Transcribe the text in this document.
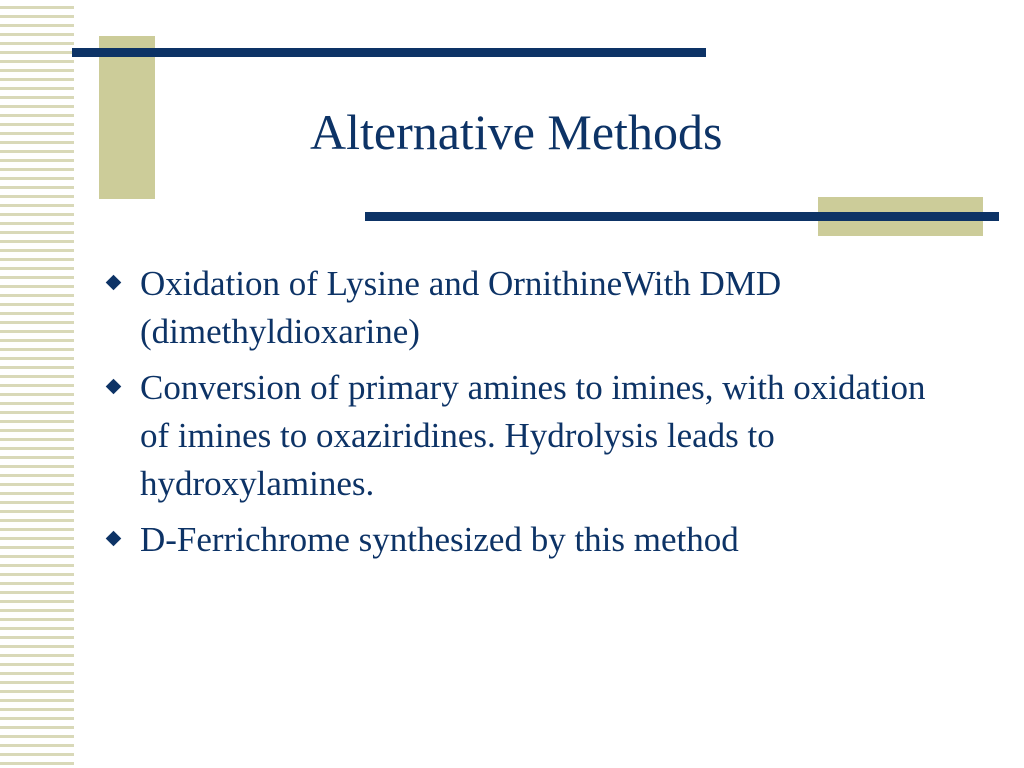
Alternative Methods
Oxidation of Lysine and OrnithineWith DMD (dimethyldioxarine)
Conversion of primary amines to imines, with oxidation of imines to oxaziridines. Hydrolysis leads to hydroxylamines.
D-Ferrichrome synthesized by this method
